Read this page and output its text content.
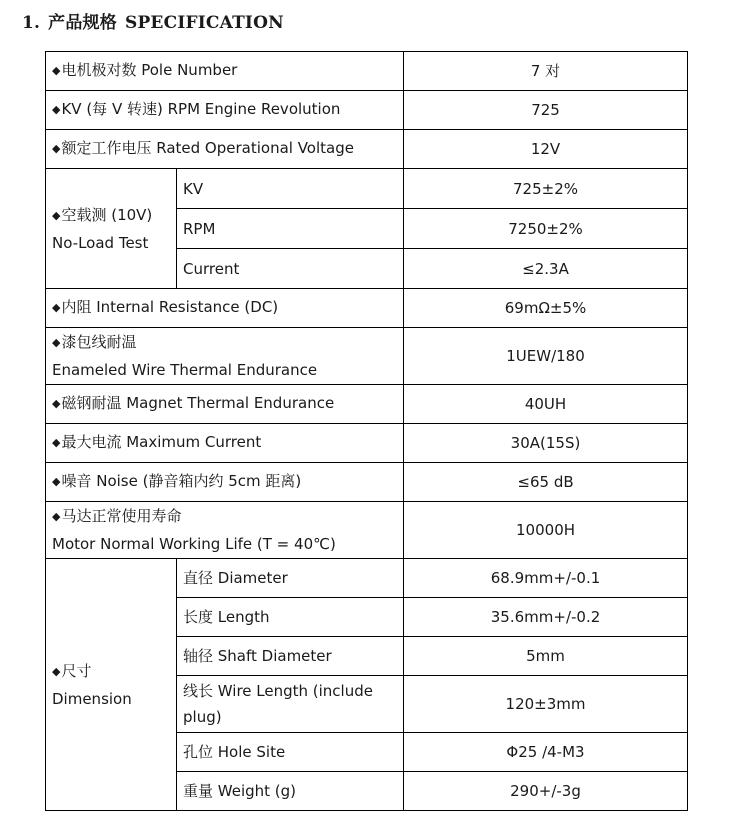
1. 产品规格 SPECIFICATION
◆电机极对数 Pole Number		7 对
◆KV (每 V 转速) RPM Engine Revolution		725
◆额定工作电压 Rated Operational Voltage		12V

◆空载测 (10V)
No-Load Test	KV	725±2%
	RPM	7250±2%
	Current	≤2.3A
◆内阻 Internal Resistance (DC)		69mΩ±5%

◆漆包线耐温
Enameled Wire Thermal Endurance		1UEW/180
◆磁钢耐温 Magnet Thermal Endurance		40UH
◆最大电流 Maximum Current		30A(15S)
◆噪音 Noise (静音箱内约 5cm 距离)		≤65 dB

◆马达正常使用寿命
Motor Normal Working Life (T = 40℃)		10000H

◆尺寸
Dimension	直径 Diameter	68.9mm+/-0.1
	长度 Length	35.6mm+/-0.2
	轴径 Shaft Diameter	5mm
	线长 Wire Length (include plug)	120±3mm
	孔位 Hole Site	Φ25 /4-M3
	重量 Weight (g)	290+/-3g
